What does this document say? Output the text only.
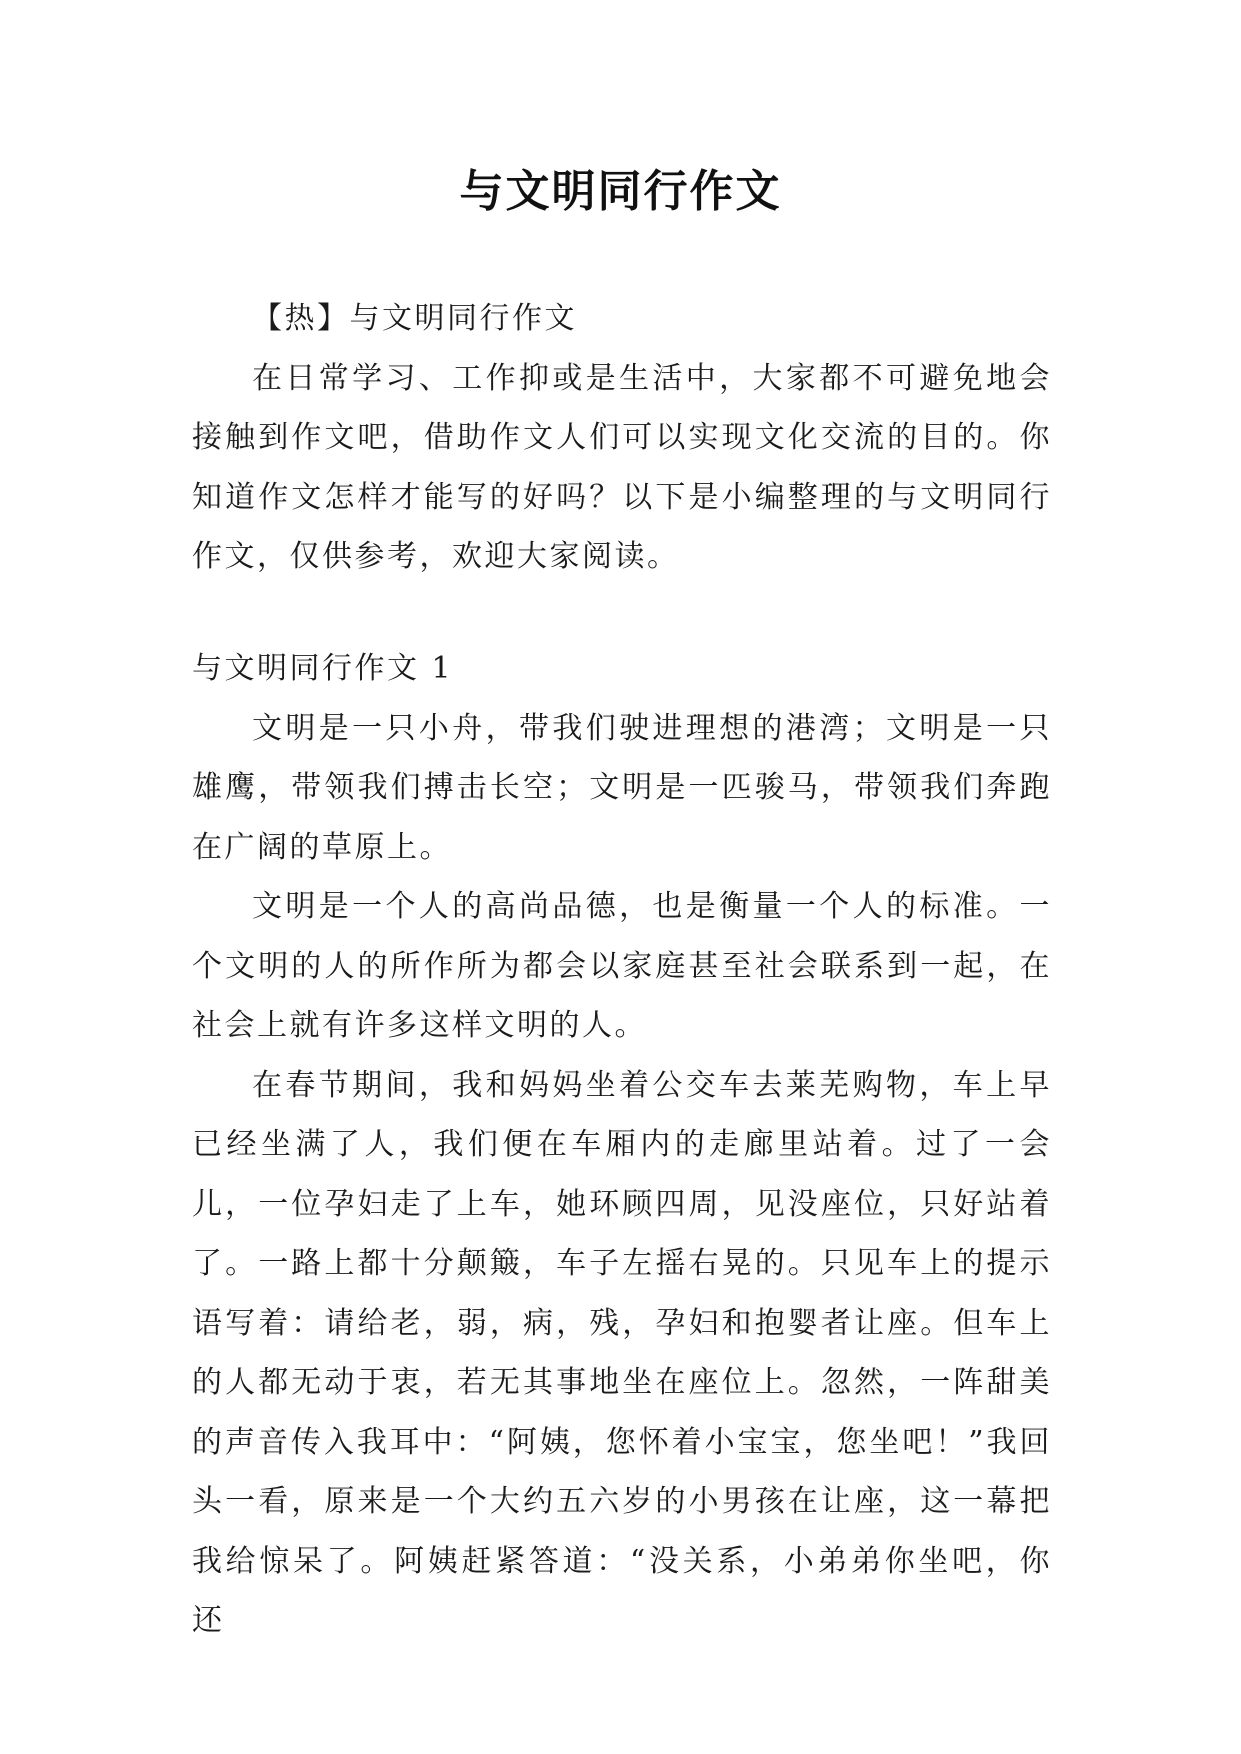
与文明同行作文

【热】与文明同行作文

在日常学习、工作抑或是生活中，大家都不可避免地会接触到作文吧，借助作文人们可以实现文化交流的目的。你知道作文怎样才能写的好吗？以下是小编整理的与文明同行作文，仅供参考，欢迎大家阅读。

与文明同行作文 1

文明是一只小舟，带我们驶进理想的港湾；文明是一只雄鹰，带领我们搏击长空；文明是一匹骏马，带领我们奔跑在广阔的草原上。

文明是一个人的高尚品德，也是衡量一个人的标准。一个文明的人的所作所为都会以家庭甚至社会联系到一起，在社会上就有许多这样文明的人。

在春节期间，我和妈妈坐着公交车去莱芜购物，车上早已经坐满了人，我们便在车厢内的走廊里站着。过了一会儿，一位孕妇走了上车，她环顾四周，见没座位，只好站着了。一路上都十分颠簸，车子左摇右晃的。只见车上的提示语写着：请给老，弱，病，残，孕妇和抱婴者让座。但车上的人都无动于衷，若无其事地坐在座位上。忽然，一阵甜美的声音传入我耳中：“阿姨，您怀着小宝宝，您坐吧！”我回头一看，原来是一个大约五六岁的小男孩在让座，这一幕把我给惊呆了。阿姨赶紧答道：“没关系，小弟弟你坐吧，你还
